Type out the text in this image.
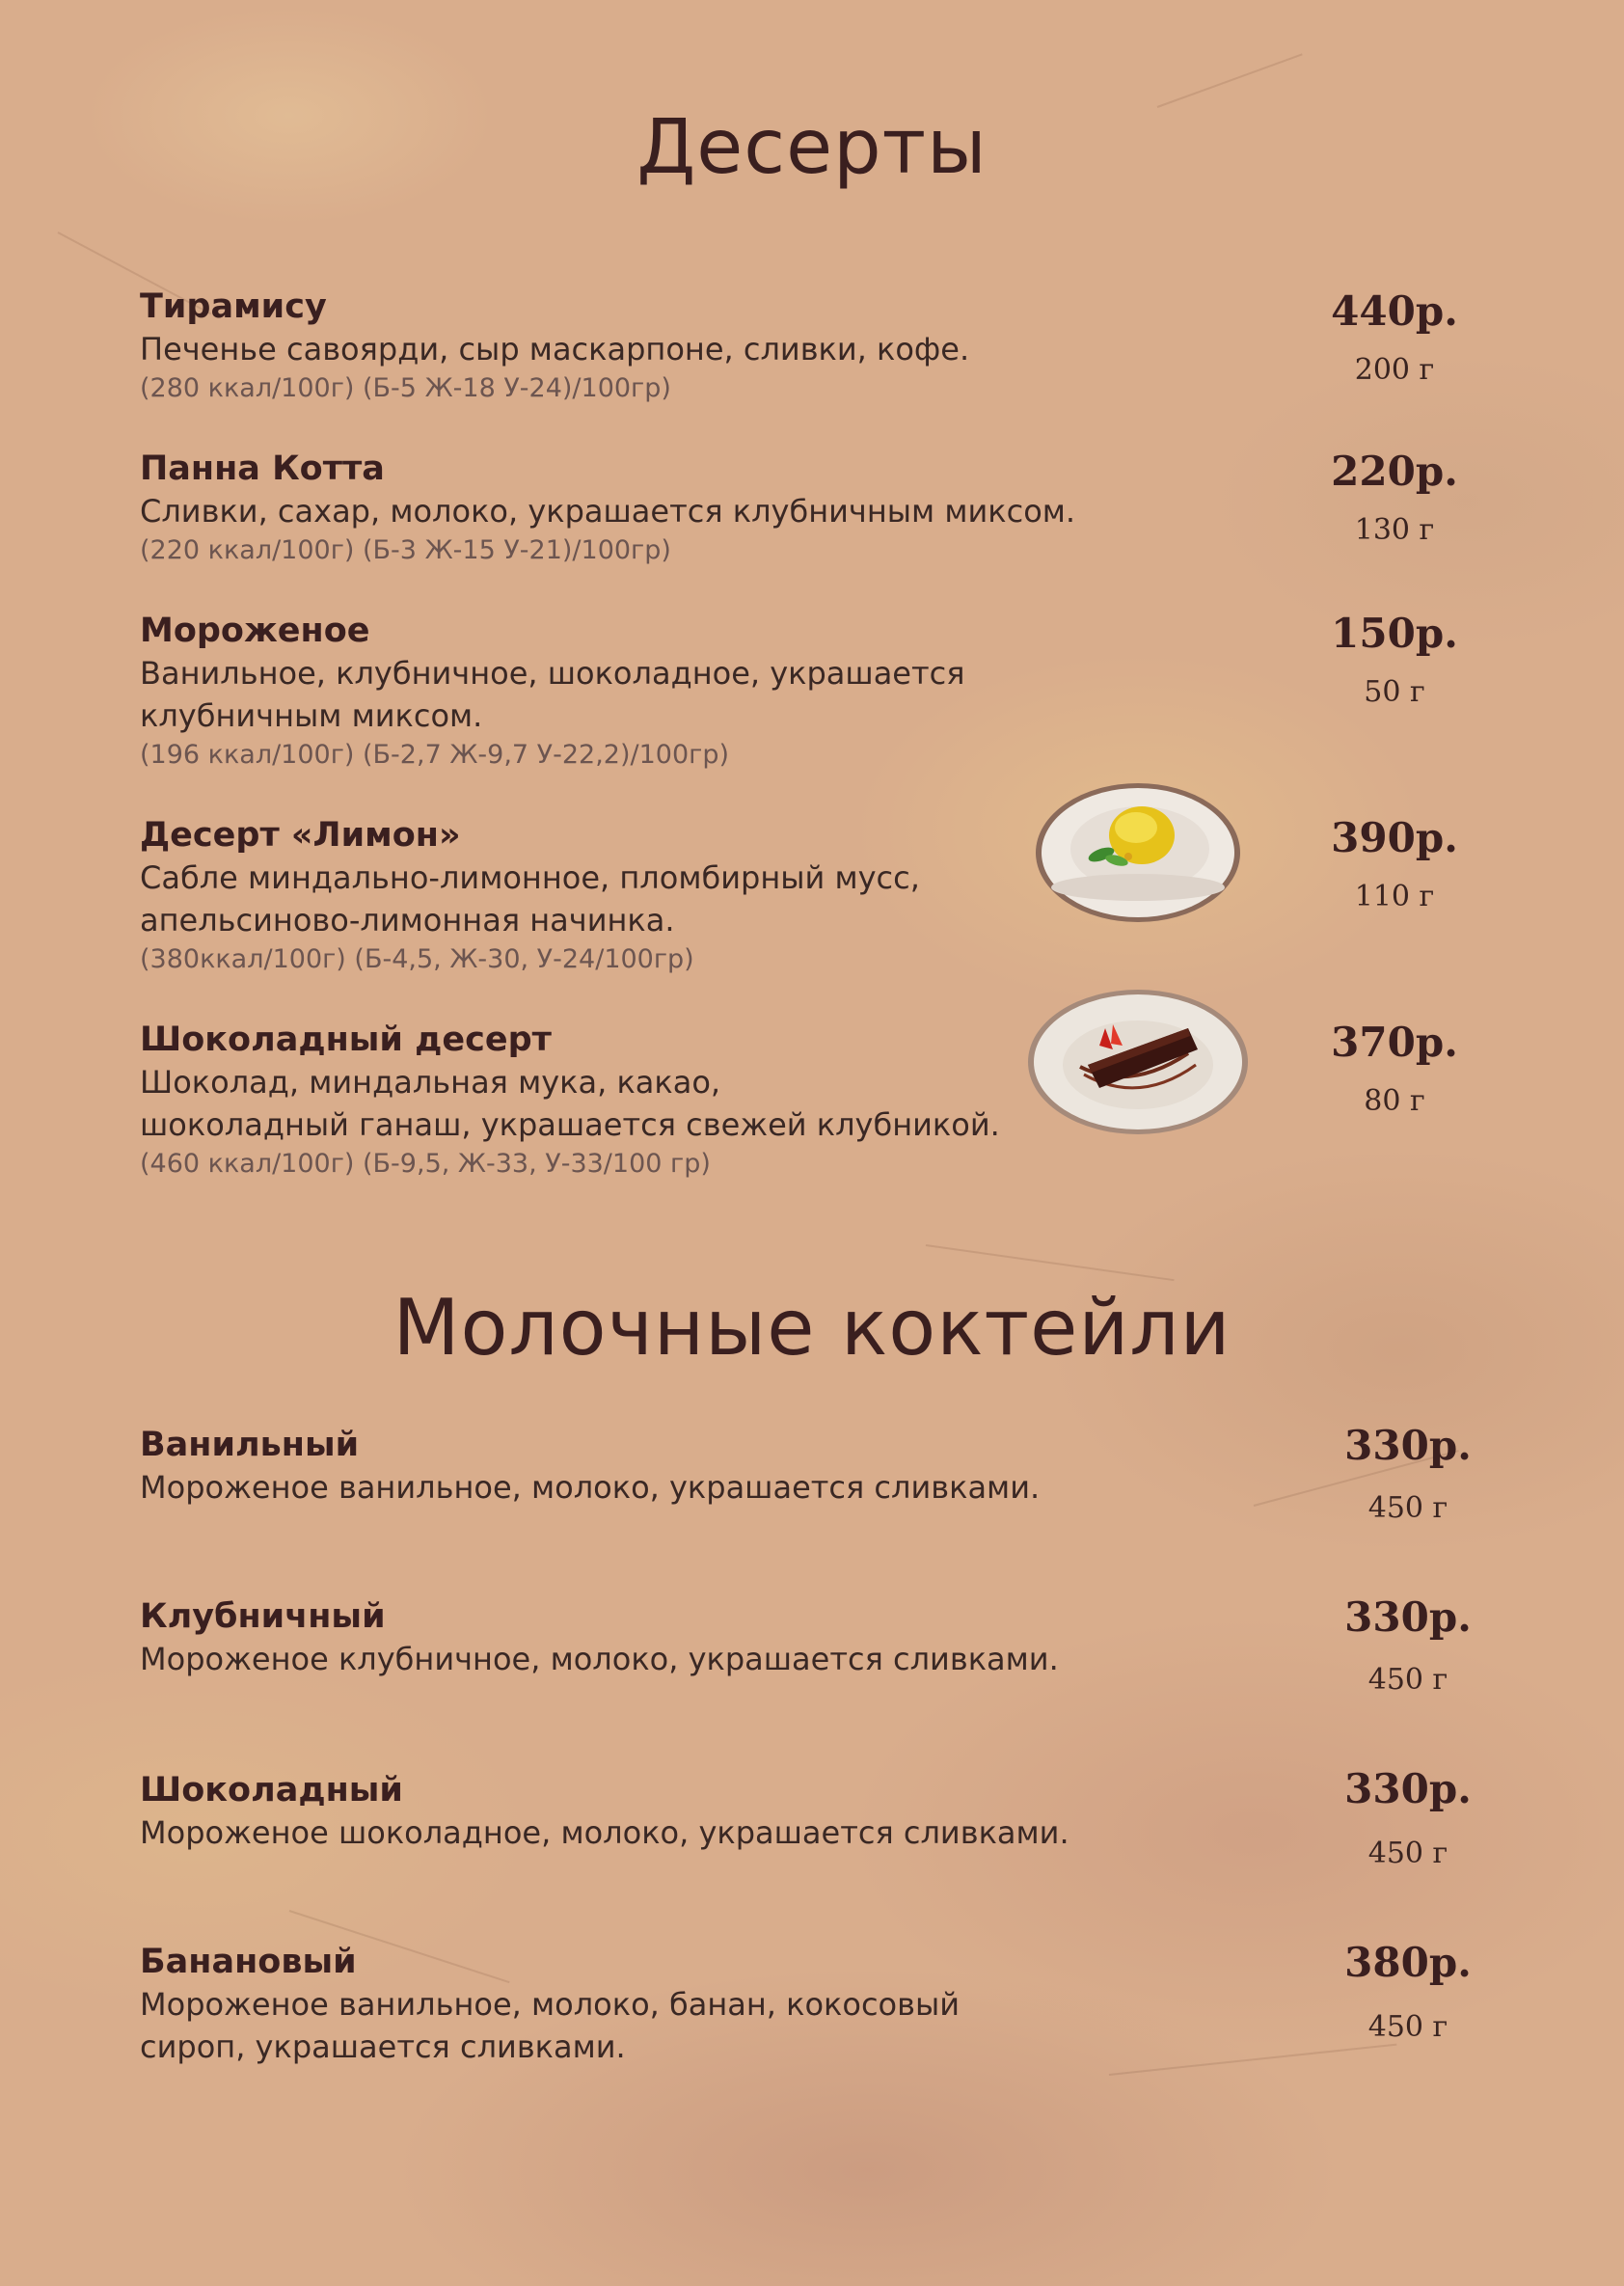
Десерты
Тирамису
Печенье савоярди, сыр маскарпоне, сливки, кофе.
(280 ккал/100г) (Б-5 Ж-18 У-24)/100гр)
440р.
200 г
Панна Котта
Сливки, сахар, молоко, украшается клубничным миксом.
(220 ккал/100г) (Б-3 Ж-15 У-21)/100гр)
220р.
130 г
Мороженое
Ванильное, клубничное, шоколадное, украшается
клубничным миксом.
(196 ккал/100г) (Б-2,7 Ж-9,7 У-22,2)/100гр)
150р.
50 г
Десерт «Лимон»
Сабле миндально-лимонное, пломбирный мусс,
апельсиново-лимонная начинка.
(380ккал/100г) (Б-4,5, Ж-30, У-24/100гр)
390р.
110 г
Шоколадный десерт
Шоколад, миндальная мука, какао,
шоколадный ганаш, украшается свежей клубникой.
(460 ккал/100г) (Б-9,5, Ж-33, У-33/100 гр)
370р.
80 г
Молочные коктейли
Ванильный
Мороженое ванильное, молоко, украшается сливками.
330р.
450 г
Клубничный
Мороженое клубничное, молоко, украшается сливками.
330р.
450 г
Шоколадный
Мороженое шоколадное, молоко, украшается сливками.
330р.
450 г
Банановый
Мороженое ванильное, молоко, банан, кокосовый
сироп, украшается сливками.
380р.
450 г
